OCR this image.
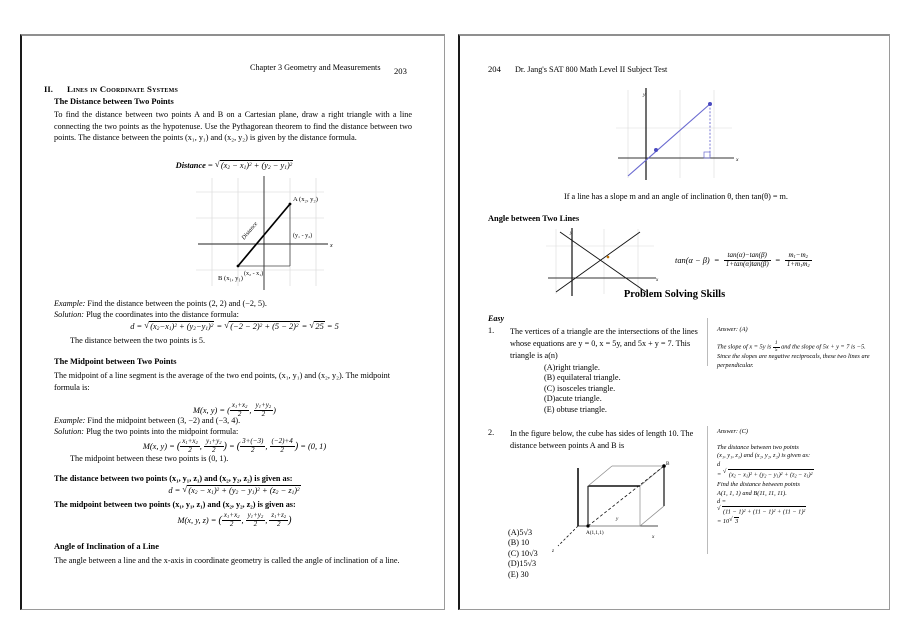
Chapter 3 Geometry and Measurements 203
II. Lines in Coordinate Systems
The Distance between Two Points
To find the distance between two points A and B on a Cartesian plane, draw a right triangle with a line connecting the two points as the hypotenuse. Use the Pythagorean theorem to find the distance between two points. The distance between the points (x₁, y₁) and (x₂, y₂) is given by the distance formula.
Distance = √ $(x_2 - x_1)^2 + (y_2 - y_1)^2$
A (x₂, y₂)
B (x₁, y₁)
(y₁ - y₂)
(x₂ - x₁)
Distance
x
Example: Find the distance between the points (2, 2) and (−2, 5).
Solution: Plug the coordinates into the distance formula:
d = √ $(x_2-x_1)^2 + (y_2-y_1)^2$ = √ $(-2 - 2)^2 + (5 - 2)^2$ = √ 25 = 5
The distance between the two points is 5.
The Midpoint between Two Points
The midpoint of a line segment is the average of the two end points, (x₁, y₁) and (x₂, y₂). The midpoint formula is:
M(x, y) = ( $\frac{x_1+x_2}{2}$ , $\frac{y_1+y_2}{2}$ )
Example: Find the midpoint between (3, −2) and (−3, 4).
Solution: Plug the two points into the midpoint formula:
M(x, y) = ( $\frac{x_1+x_2}{2}$ , $\frac{y_1+y_2}{2}$ ) = ( $\frac{3+(-3)}{2}$ , $\frac{(-2)+4}{2}$ ) = (0, 1)
The midpoint between these two points is (0, 1).
The distance between two points (x₁, y₁, z₁) and (x₂, y₂, z₂) is given as:
d = √ $(x_2 - x_1)^2 + (y_2 - y_1)^2 + (z_2 - z_1)^2$
The midpoint between two points (x₁, y₁, z₁) and (x₂, y₂, z₂) is given as:
M(x, y, z) = ( $\frac{x_1+x_2}{2}$ , $\frac{y_1+y_2}{2}$ , $\frac{z_1+z_2}{2}$ )
Angle of Inclination of a Line
The angle between a line and the x-axis in coordinate geometry is called the angle of inclination of a line.
204 Dr. Jang's SAT 800 Math Level II Subject Test
y
x
If a line has a slope m and an angle of inclination θ, then tan(θ) = m.
Angle between Two Lines
y
x
$\tan(\alpha - \beta) = \frac{\tan(\alpha)-\tan(\beta)}{1+\tan(\alpha)\tan(\beta)} = \frac{m_1-m_2}{1+m_1m_2}$
Problem Solving Skills
Easy
1. The vertices of a triangle are the intersections of the lines whose equations are y = 0, x = 5y, and 5x + y = 7. This triangle is a(n)
(A)right triangle.
(B) equilateral triangle.
(C) isosceles triangle.
(D)acute triangle.
(E) obtuse triangle.
Answer: (A)
The slope of x = 5y is $\frac{1}{5}$ and the slope of 5x + y = 7 is −5.  Since the slopes are negative reciprocals, these two lines are perpendicular.
2. In the figure below, the cube has sides of length 10. The distance between points A and B is
A(1,1,1)
B
x
y
z
(A)5√3
(B) 10
(C) 10√3
(D)15√3
(E) 30
Answer: (C)
The distance between two points
(x₁, y₁, z₁) and (x₂, y₂, z₂) is given as:
d
= √ $(x_2 - x_1)^2 + (y_2 - y_1)^2 + (z_2 - z_1)^2$
Find the distance between points
A(1, 1, 1) and B(11, 11, 11).
d =
√ $(11 - 1)^2 + (11 - 1)^2 + (11 - 1)^2$
= 10 √ 3
